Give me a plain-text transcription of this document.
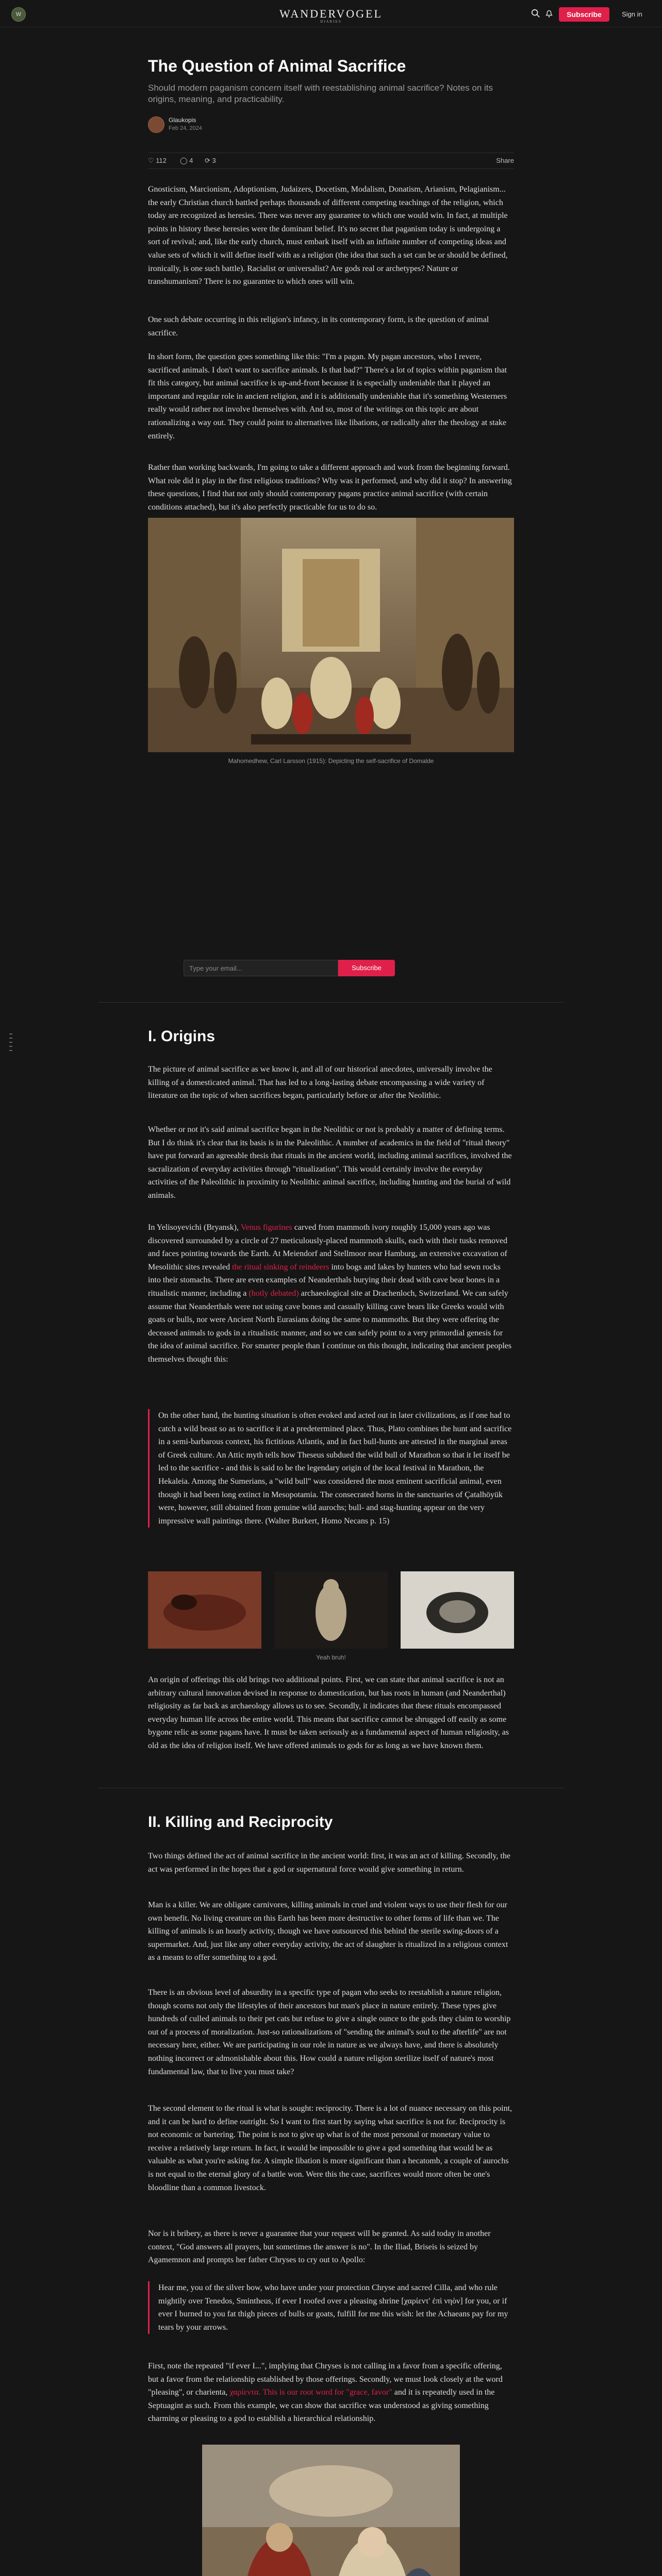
W	WANDERVOGEL
DIARIES
Subscribe	Sign in
The Question of Animal Sacrifice
Should modern paganism concern itself with reestablishing animal sacrifice? Notes on its origins, meaning, and practicability.
Glaukopis
Feb 24, 2024
♡ 112 ◯ 4 ⟳ 3	Share

Gnosticism, Marcionism, Adoptionism, Judaizers, Docetism, Modalism, Donatism, Arianism, Pelagianism... the early Christian church battled perhaps thousands of different competing teachings of the religion, which today are recognized as heresies. There was never any guarantee to which one would win. In fact, at multiple points in history these heresies were the dominant belief. It's no secret that paganism today is undergoing a sort of revival; and, like the early church, must embark itself with an infinite number of competing ideas and value sets of which it will define itself with as a religion (the idea that such a set can be or should be defined, ironically, is one such battle). Racialist or universalist? Are gods real or archetypes? Nature or transhumanism? There is no guarantee to which ones will win.

One such debate occurring in this religion's infancy, in its contemporary form, is the question of animal sacrifice.

In short form, the question goes something like this: "I'm a pagan. My pagan ancestors, who I revere, sacrificed animals. I don't want to sacrifice animals. Is that bad?" There's a lot of topics within paganism that fit this category, but animal sacrifice is up-and-front because it is especially undeniable that it played an important and regular role in ancient religion, and it is additionally undeniable that it's something Westerners really would rather not involve themselves with. And so, most of the writings on this topic are about rationalizing a way out. They could point to alternatives like libations, or radically alter the theology at stake entirely.

Rather than working backwards, I'm going to take a different approach and work from the beginning forward. What role did it play in the first religious traditions? Why was it performed, and why did it stop? In answering these questions, I find that not only should contemporary pagans practice animal sacrifice (with certain conditions attached), but it's also perfectly practicable for us to do so.

Mahomedhew, Carl Larsson (1915): Depicting the self-sacrifice of Domalde
Type your email...	Subscribe
I. Origins

The picture of animal sacrifice as we know it, and all of our historical anecdotes, universally involve the killing of a domesticated animal. That has led to a long-lasting debate encompassing a wide variety of literature on the topic of when sacrifices began, particularly before or after the Neolithic.

Whether or not it's said animal sacrifice began in the Neolithic or not is probably a matter of defining terms. But I do think it's clear that its basis is in the Paleolithic. A number of academics in the field of "ritual theory" have put forward an agreeable thesis that rituals in the ancient world, including animal sacrifices, involved the sacralization of everyday activities through "ritualization". This would certainly involve the everyday activities of the Paleolithic in proximity to Neolithic animal sacrifice, including hunting and the burial of wild animals.

In Yelisoyevichi (Bryansk), Venus figurines carved from mammoth ivory roughly 15,000 years ago was discovered surrounded by a circle of 27 meticulously-placed mammoth skulls, each with their tusks removed and faces pointing towards the Earth. At Meiendorf and Stellmoor near Hamburg, an extensive excavation of Mesolithic sites revealed the ritual sinking of reindeers into bogs and lakes by hunters who had sewn rocks into their stomachs. There are even examples of Neanderthals burying their dead with cave bear bones in a ritualistic manner, including a (hotly debated) archaeological site at Drachenloch, Switzerland. We can safely assume that Neanderthals were not using cave bones and casually killing cave bears like Greeks would with goats or bulls, nor were Ancient North Eurasians doing the same to mammoths. But they were offering the deceased animals to gods in a ritualistic manner, and so we can safely point to a very primordial genesis for the idea of animal sacrifice. For smarter people than I continue on this thought, indicating that ancient peoples themselves thought this:

On the other hand, the hunting situation is often evoked and acted out in later civilizations, as if one had to catch a wild beast so as to sacrifice it at a predetermined place. Thus, Plato combines the hunt and sacrifice in a semi-barbarous context, his fictitious Atlantis, and in fact bull-hunts are attested in the marginal areas of Greek culture. An Attic myth tells how Theseus subdued the wild bull of Marathon so that it let itself be led to the sacrifice - and this is said to be the legendary origin of the local festival in Marathon, the Hekaleia. Among the Sumerians, a "wild bull" was considered the most eminent sacrificial animal, even though it had been long extinct in Mesopotamia. The consecrated horns in the sanctuaries of Çatalhöyük were, however, still obtained from genuine wild aurochs; bull- and stag-hunting appear on the very impressive wall paintings there. (Walter Burkert, Homo Necans p. 15)

Yeah bruh!

An origin of offerings this old brings two additional points. First, we can state that animal sacrifice is not an arbitrary cultural innovation devised in response to domestication, but has roots in human (and Neanderthal) religiosity as far back as archaeology allows us to see. Secondly, it indicates that these rituals encompassed everyday human life across the entire world. This means that sacrifice cannot be shrugged off easily as some bygone relic as some pagans have. It must be taken seriously as a fundamental aspect of human religiosity, as old as the idea of religion itself. We have offered animals to gods for as long as we have known them.

II. Killing and Reciprocity

Two things defined the act of animal sacrifice in the ancient world: first, it was an act of killing. Secondly, the act was performed in the hopes that a god or supernatural force would give something in return.

Man is a killer. We are obligate carnivores, killing animals in cruel and violent ways to use their flesh for our own benefit. No living creature on this Earth has been more destructive to other forms of life than we. The killing of animals is an hourly activity, though we have outsourced this behind the sterile swing-doors of a supermarket. And, just like any other everyday activity, the act of slaughter is ritualized in a religious context as a means to offer something to a god.

There is an obvious level of absurdity in a specific type of pagan who seeks to reestablish a nature religion, though scorns not only the lifestyles of their ancestors but man's place in nature entirely. These types give hundreds of culled animals to their pet cats but refuse to give a single ounce to the gods they claim to worship out of a process of moralization. Just-so rationalizations of "sending the animal's soul to the afterlife" are not necessary here, either. We are participating in our role in nature as we always have, and there is absolutely nothing incorrect or admonishable about this. How could a nature religion sterilize itself of nature's most fundamental law, that to live you must take?

The second element to the ritual is what is sought: reciprocity. There is a lot of nuance necessary on this point, and it can be hard to define outright. So I want to first start by saying what sacrifice is not for. Reciprocity is not economic or bartering. The point is not to give up what is of the most personal or monetary value to receive a relatively large return. In fact, it would be impossible to give a god something that would be as valuable as what you're asking for. A simple libation is more significant than a hecatomb, a couple of aurochs is not equal to the eternal glory of a battle won. Were this the case, sacrifices would more often be one's bloodline than a common livestock.

Nor is it bribery, as there is never a guarantee that your request will be granted. As said today in another context, "God answers all prayers, but sometimes the answer is no". In the Iliad, Briseis is seized by Agamemnon and prompts her father Chryses to cry out to Apollo:

Hear me, you of the silver bow, who have under your protection Chryse and sacred Cilla, and who rule mightily over Tenedos, Smintheus, if ever I roofed over a pleasing shrine [χαρίεντ' ἐπὶ νηὸν] for you, or if ever I burned to you fat thigh pieces of bulls or goats, fulfill for me this wish: let the Achaeans pay for my tears by your arrows.

First, note the repeated "if ever I...", implying that Chryses is not calling in a favor from a specific offering, but a favor from the relationship established by those offerings. Secondly, we must look closely at the word "pleasing", or charienta, χαρίεντα. This is our root word for "grace, favor" and it is repeatedly used in the Septuagint as such. From this example, we can show that sacrifice was understood as giving something charming or pleasing to a god to establish a hierarchical relationship.
